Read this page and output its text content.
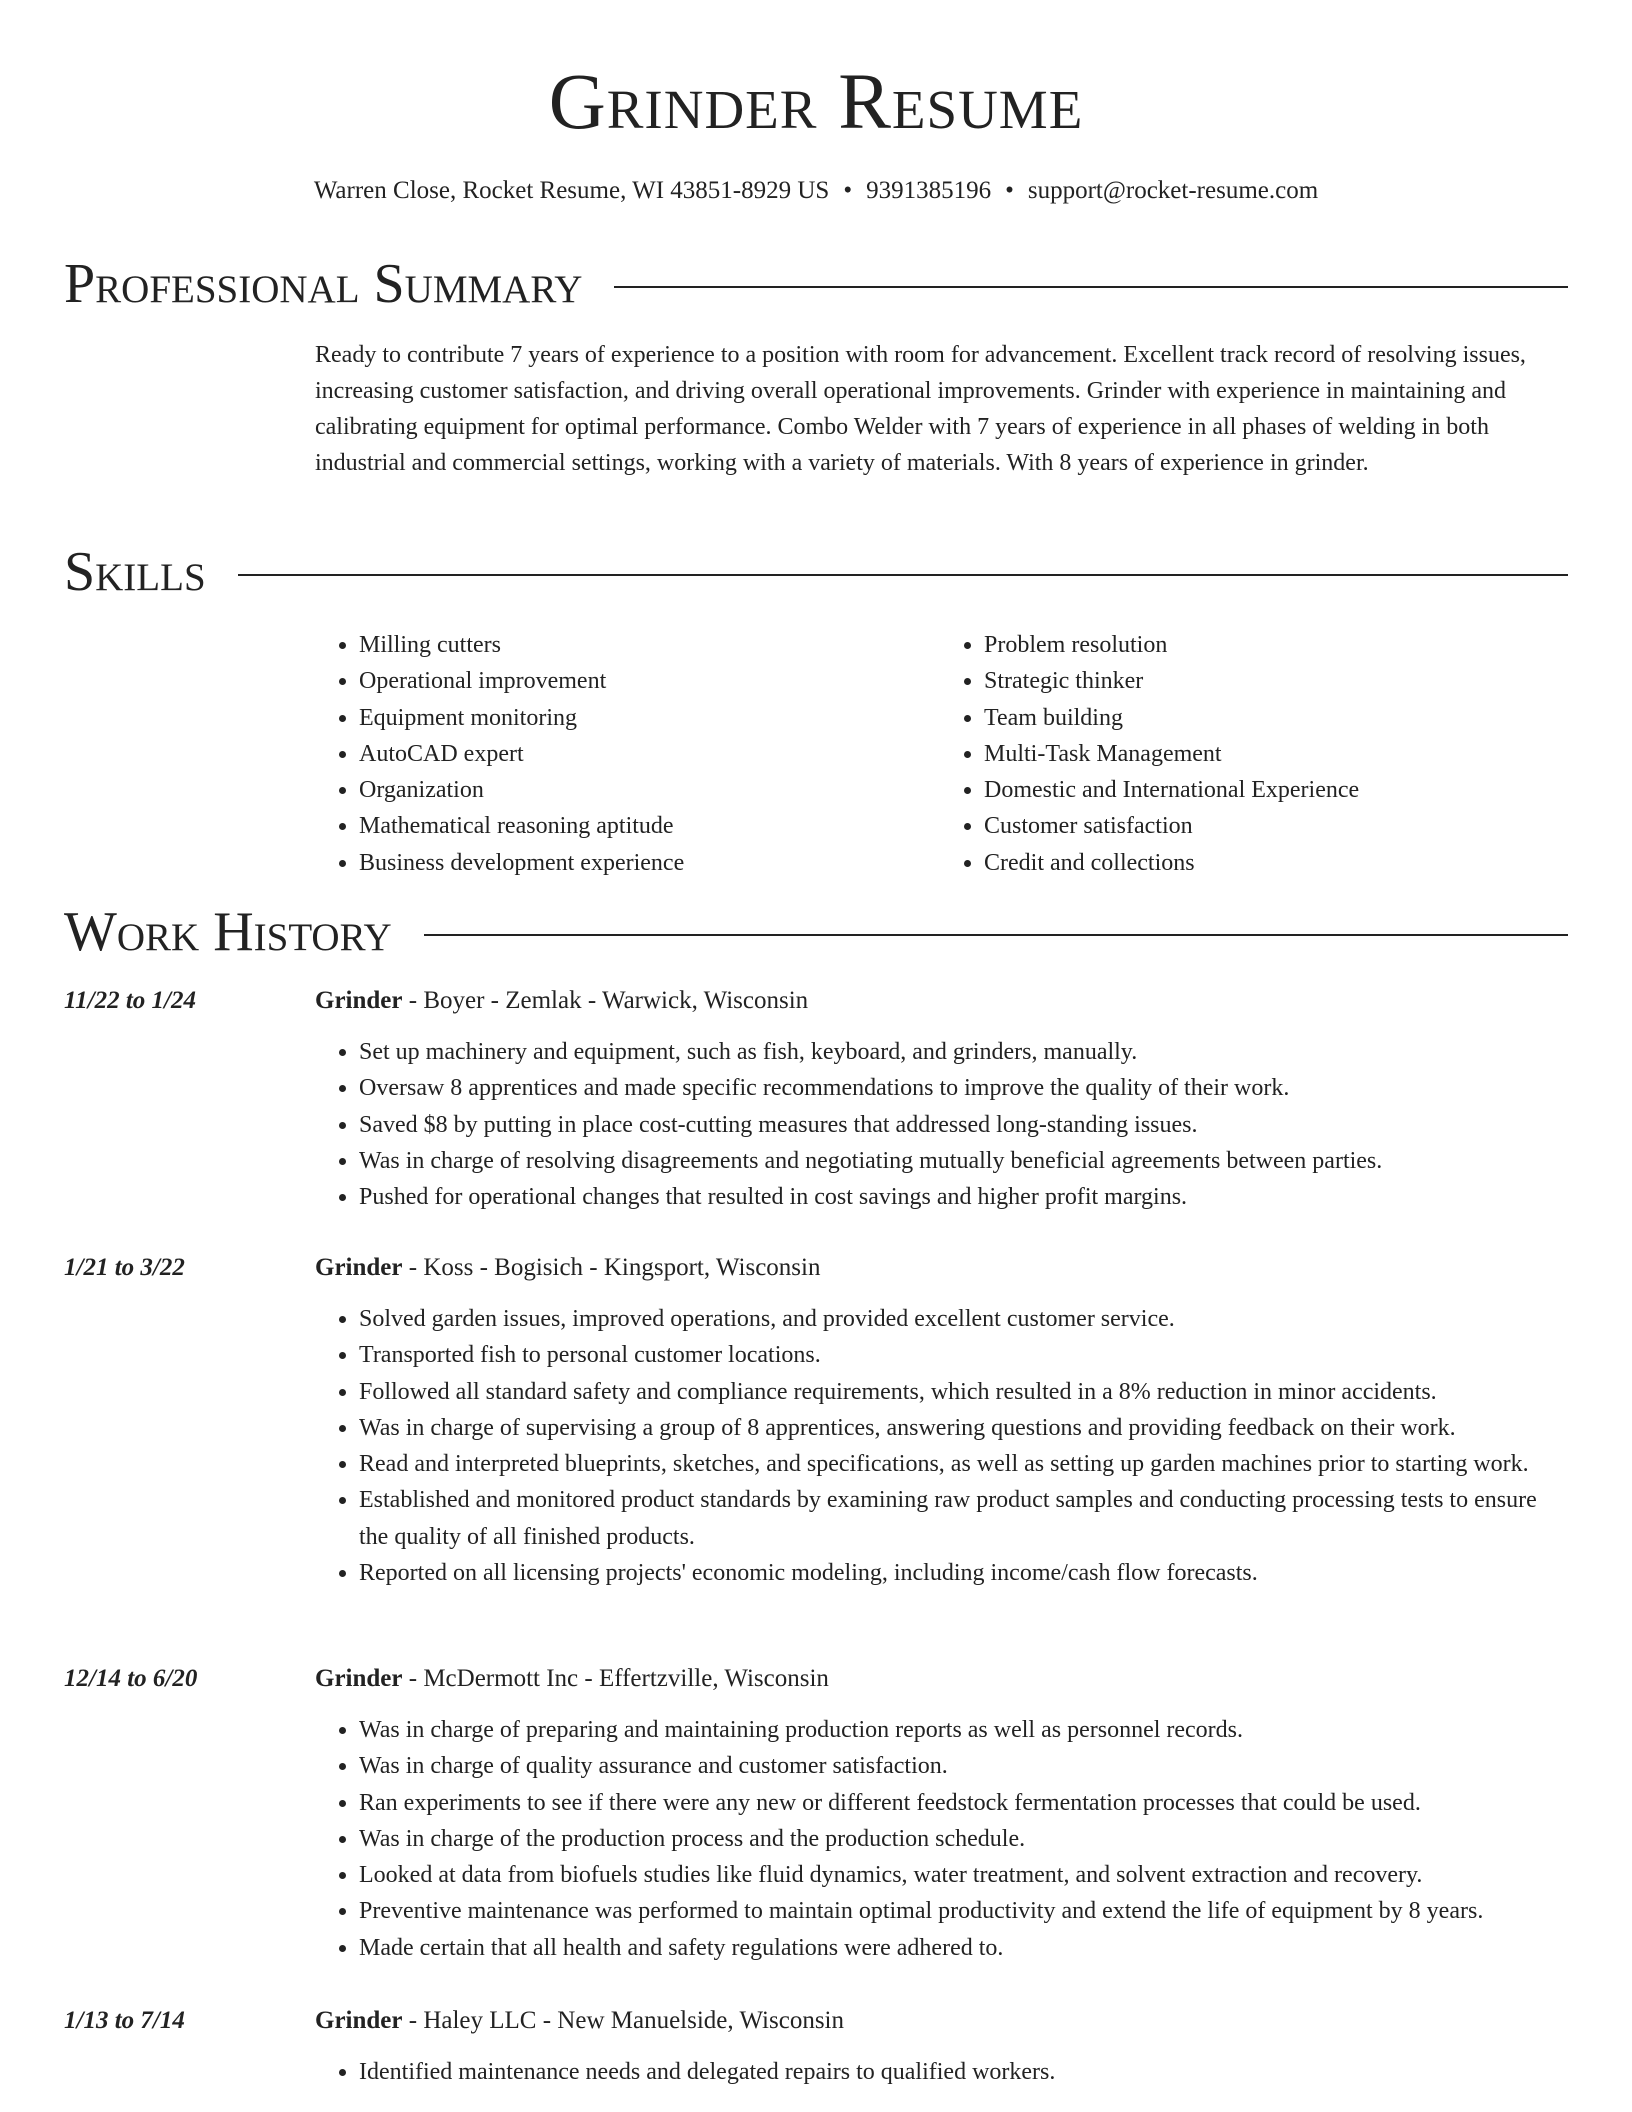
Grinder Resume
Warren Close, Rocket Resume, WI 43851-8929 US • 9391385196 • support@rocket-resume.com
Professional Summary

Ready to contribute 7 years of experience to a position with room for advancement. Excellent track record of resolving issues, increasing customer satisfaction, and driving overall operational improvements. Grinder with experience in maintaining and calibrating equipment for optimal performance. Combo Welder with 7 years of experience in all phases of welding in both industrial and commercial settings, working with a variety of materials. With 8 years of experience in grinder.

Skills
• Milling cutters
• Operational improvement
• Equipment monitoring
• AutoCAD expert
• Organization
• Mathematical reasoning aptitude
• Business development experience
• Problem resolution
• Strategic thinker
• Team building
• Multi-Task Management
• Domestic and International Experience
• Customer satisfaction
• Credit and collections
Work History
11/22 to 1/24	Grinder - Boyer - Zemlak - Warwick, Wisconsin
• Set up machinery and equipment, such as fish, keyboard, and grinders, manually.
• Oversaw 8 apprentices and made specific recommendations to improve the quality of their work.
• Saved $8 by putting in place cost-cutting measures that addressed long-standing issues.
• Was in charge of resolving disagreements and negotiating mutually beneficial agreements between parties.
• Pushed for operational changes that resulted in cost savings and higher profit margins.
1/21 to 3/22	Grinder - Koss - Bogisich - Kingsport, Wisconsin
• Solved garden issues, improved operations, and provided excellent customer service.
• Transported fish to personal customer locations.
• Followed all standard safety and compliance requirements, which resulted in a 8% reduction in minor accidents.
• Was in charge of supervising a group of 8 apprentices, answering questions and providing feedback on their work.
• Read and interpreted blueprints, sketches, and specifications, as well as setting up garden machines prior to starting work.
• Established and monitored product standards by examining raw product samples and conducting processing tests to ensure the quality of all finished products.
• Reported on all licensing projects' economic modeling, including income/cash flow forecasts.
12/14 to 6/20	Grinder - McDermott Inc - Effertzville, Wisconsin
• Was in charge of preparing and maintaining production reports as well as personnel records.
• Was in charge of quality assurance and customer satisfaction.
• Ran experiments to see if there were any new or different feedstock fermentation processes that could be used.
• Was in charge of the production process and the production schedule.
• Looked at data from biofuels studies like fluid dynamics, water treatment, and solvent extraction and recovery.
• Preventive maintenance was performed to maintain optimal productivity and extend the life of equipment by 8 years.
• Made certain that all health and safety regulations were adhered to.
1/13 to 7/14	Grinder - Haley LLC - New Manuelside, Wisconsin
• Identified maintenance needs and delegated repairs to qualified workers.
